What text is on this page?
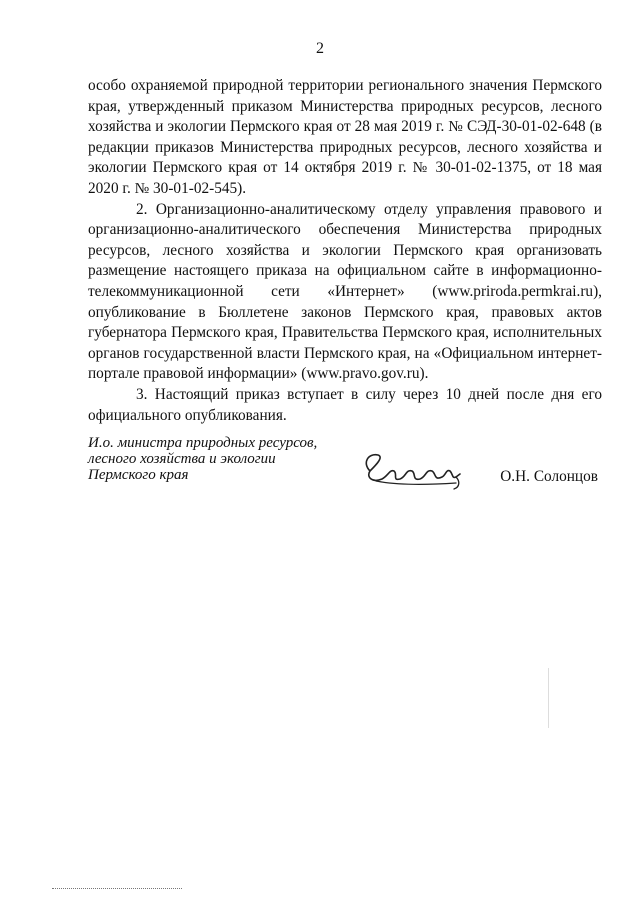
2

особо охраняемой природной территории регионального значения Пермского края, утвержденный приказом Министерства природных ресурсов, лесного хозяйства и экологии Пермского края от 28 мая 2019 г. № СЭД-30-01-02-648 (в редакции приказов Министерства природных ресурсов, лесного хозяйства и экологии Пермского края от 14 октября 2019 г. № 30-01-02-1375, от 18 мая 2020 г. № 30-01-02-545).

2. Организационно-аналитическому отделу управления правового и организационно-аналитического обеспечения Министерства природных ресурсов, лесного хозяйства и экологии Пермского края организовать размещение настоящего приказа на официальном сайте в информационно-телекоммуникационной сети «Интернет» (www.priroda.permkrai.ru), опубликование в Бюллетене законов Пермского края, правовых актов губернатора Пермского края, Правительства Пермского края, исполнительных органов государственной власти Пермского края, на «Официальном интернет-портале правовой информации» (www.pravo.gov.ru).

3. Настоящий приказ вступает в силу через 10 дней после дня его официального опубликования.

И.о. министра природных ресурсов,
лесного хозяйства и экологии
Пермского края	О.Н. Солонцов
